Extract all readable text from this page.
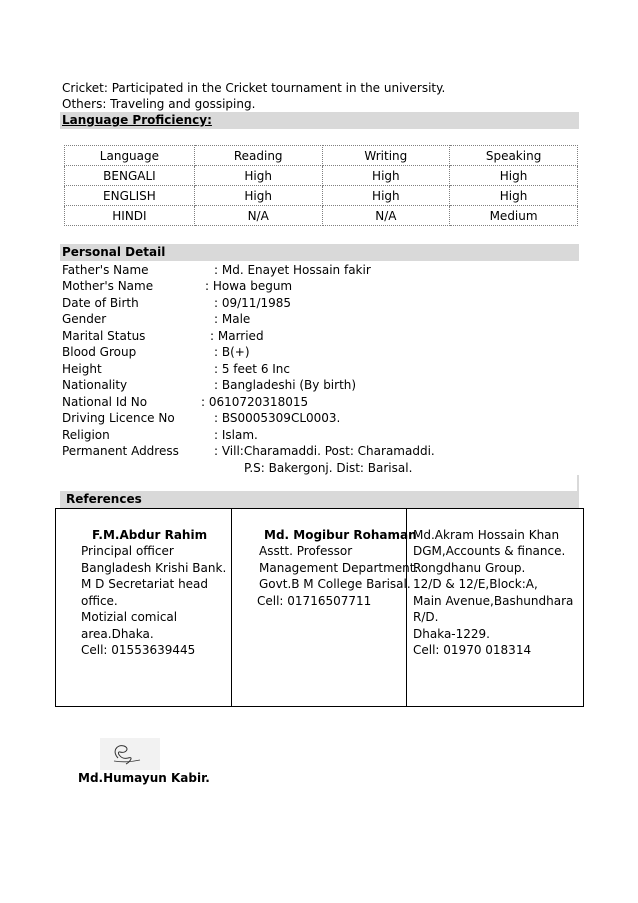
Cricket: Participated in the Cricket tournament in the university.
Others: Traveling and gossiping.
Language Proficiency:
Language	Reading	Writing	Speaking
BENGALI	High	High	High
ENGLISH	High	High	High
HINDI	N/A	N/A	Medium
Personal Detail
Father's Name	: Md. Enayet Hossain fakir
Mother's Name	: Howa begum
Date of Birth	: 09/11/1985
Gender	: Male
Marital Status	: Married
Blood Group	: B(+)
Height	: 5 feet 6 Inc
Nationality	: Bangladeshi (By birth)
National Id No	: 0610720318015
Driving Licence No	: BS0005309CL0003.
Religion	: Islam.
Permanent Address	: Vill:Charamaddi. Post: Charamaddi.
P.S: Bakergonj. Dist: Barisal.
References
F.M.Abdur Rahim
Principal officer
Bangladesh Krishi Bank.
M D Secretariat head
office.
Motizial comical
area.Dhaka.
Cell: 01553639445
Md. Mogibur Rohaman
Asstt. Professor
Management Department.
Govt.B M College Barisal.
Cell: 01716507711
Md.Akram Hossain Khan
DGM,Accounts & finance.
Rongdhanu Group.
12/D & 12/E,Block:A,
Main Avenue,Bashundhara
R/D.
Dhaka-1229.
Cell: 01970 018314
Md.Humayun Kabir.
